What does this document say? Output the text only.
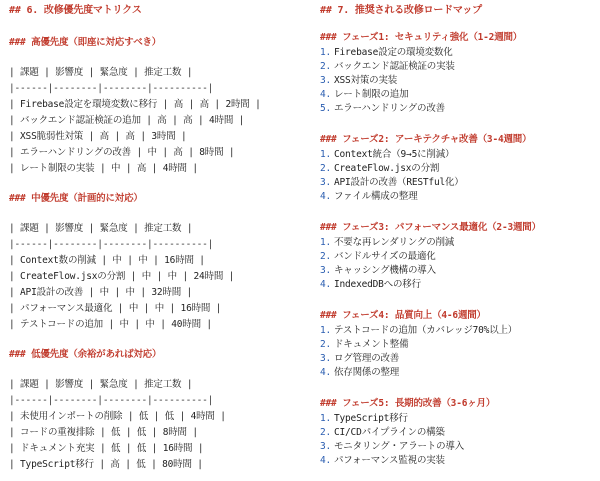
## 6. 改修優先度マトリクス
### 高優先度（即座に対応すべき）
| 課題 | 影響度 | 緊急度 | 推定工数 |
|------|--------|--------|----------|
| Firebase設定を環境変数に移行 | 高 | 高 | 2時間 |
| バックエンド認証検証の追加 | 高 | 高 | 4時間 |
| XSS脆弱性対策 | 高 | 高 | 3時間 |
| エラーハンドリングの改善 | 中 | 高 | 8時間 |
| レート制限の実装 | 中 | 高 | 4時間 |
### 中優先度（計画的に対応）
| 課題 | 影響度 | 緊急度 | 推定工数 |
|------|--------|--------|----------|
| Context数の削減 | 中 | 中 | 16時間 |
| CreateFlow.jsxの分割 | 中 | 中 | 24時間 |
| API設計の改善 | 中 | 中 | 32時間 |
| パフォーマンス最適化 | 中 | 中 | 16時間 |
| テストコードの追加 | 中 | 中 | 40時間 |
### 低優先度（余裕があれば対応）
| 課題 | 影響度 | 緊急度 | 推定工数 |
|------|--------|--------|----------|
| 未使用インポートの削除 | 低 | 低 | 4時間 |
| コードの重複排除 | 低 | 低 | 8時間 |
| ドキュメント充実 | 低 | 低 | 16時間 |
| TypeScript移行 | 高 | 低 | 80時間 |
## 7. 推奨される改修ロードマップ
### フェーズ1: セキュリティ強化（1-2週間）
1. Firebase設定の環境変数化
2. バックエンド認証検証の実装
3. XSS対策の実装
4. レート制限の追加
5. エラーハンドリングの改善
### フェーズ2: アーキテクチャ改善（3-4週間）
1. Context統合（9→5に削減）
2. CreateFlow.jsxの分割
3. API設計の改善（RESTful化）
4. ファイル構成の整理
### フェーズ3: パフォーマンス最適化（2-3週間）
1. 不要な再レンダリングの削減
2. バンドルサイズの最適化
3. キャッシング機構の導入
4. IndexedDBへの移行
### フェーズ4: 品質向上（4-6週間）
1. テストコードの追加（カバレッジ70%以上）
2. ドキュメント整備
3. ログ管理の改善
4. 依存関係の整理
### フェーズ5: 長期的改善（3-6ヶ月）
1. TypeScript移行
2. CI/CDパイプラインの構築
3. モニタリング・アラートの導入
4. パフォーマンス監視の実装
